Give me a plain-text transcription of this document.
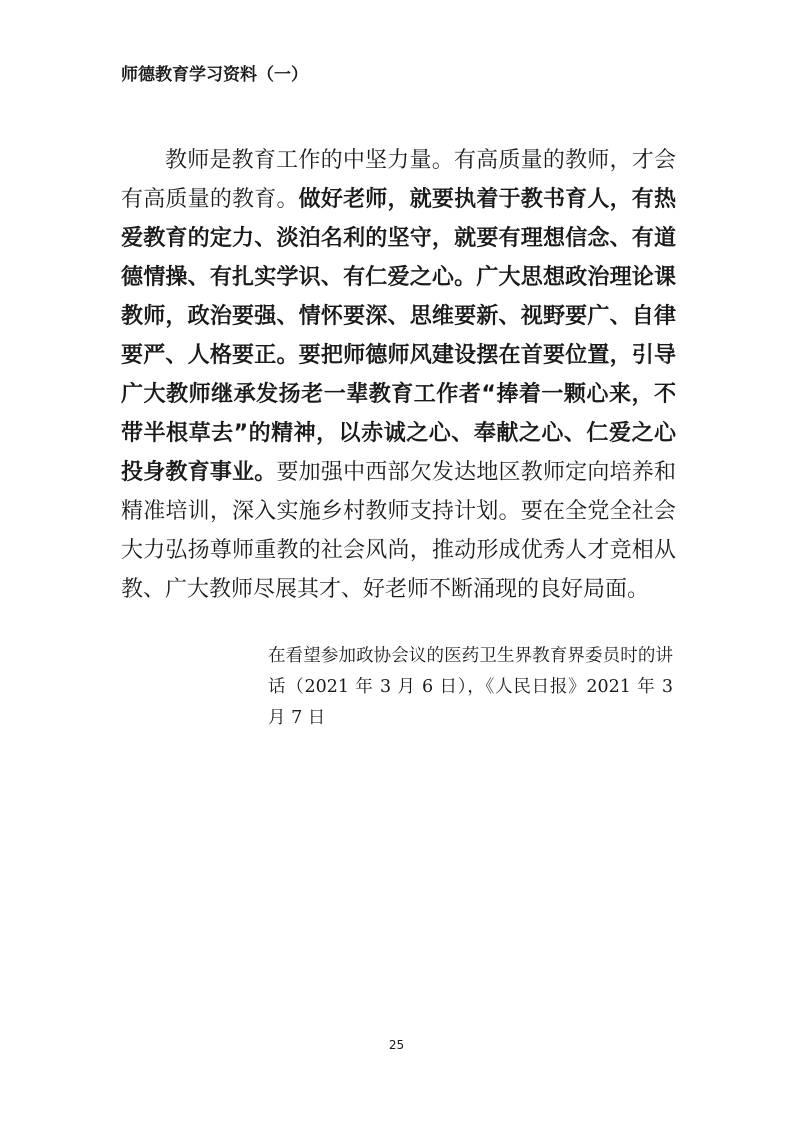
师德教育学习资料（一）

教师是教育工作的中坚力量。有高质量的教师，才会有高质量的教育。做好老师，就要执着于教书育人，有热爱教育的定力、淡泊名利的坚守，就要有理想信念、有道德情操、有扎实学识、有仁爱之心。广大思想政治理论课教师，政治要强、情怀要深、思维要新、视野要广、自律要严、人格要正。要把师德师风建设摆在首要位置，引导广大教师继承发扬老一辈教育工作者“捧着一颗心来，不带半根草去”的精神，以赤诚之心、奉献之心、仁爱之心投身教育事业。要加强中西部欠发达地区教师定向培养和精准培训，深入实施乡村教师支持计划。要在全党全社会大力弘扬尊师重教的社会风尚，推动形成优秀人才竞相从教、广大教师尽展其才、好老师不断涌现的良好局面。

在看望参加政协会议的医药卫生界教育界委员时的讲话（2021 年 3 月 6 日），《人民日报》2021 年 3 月 7 日

25
